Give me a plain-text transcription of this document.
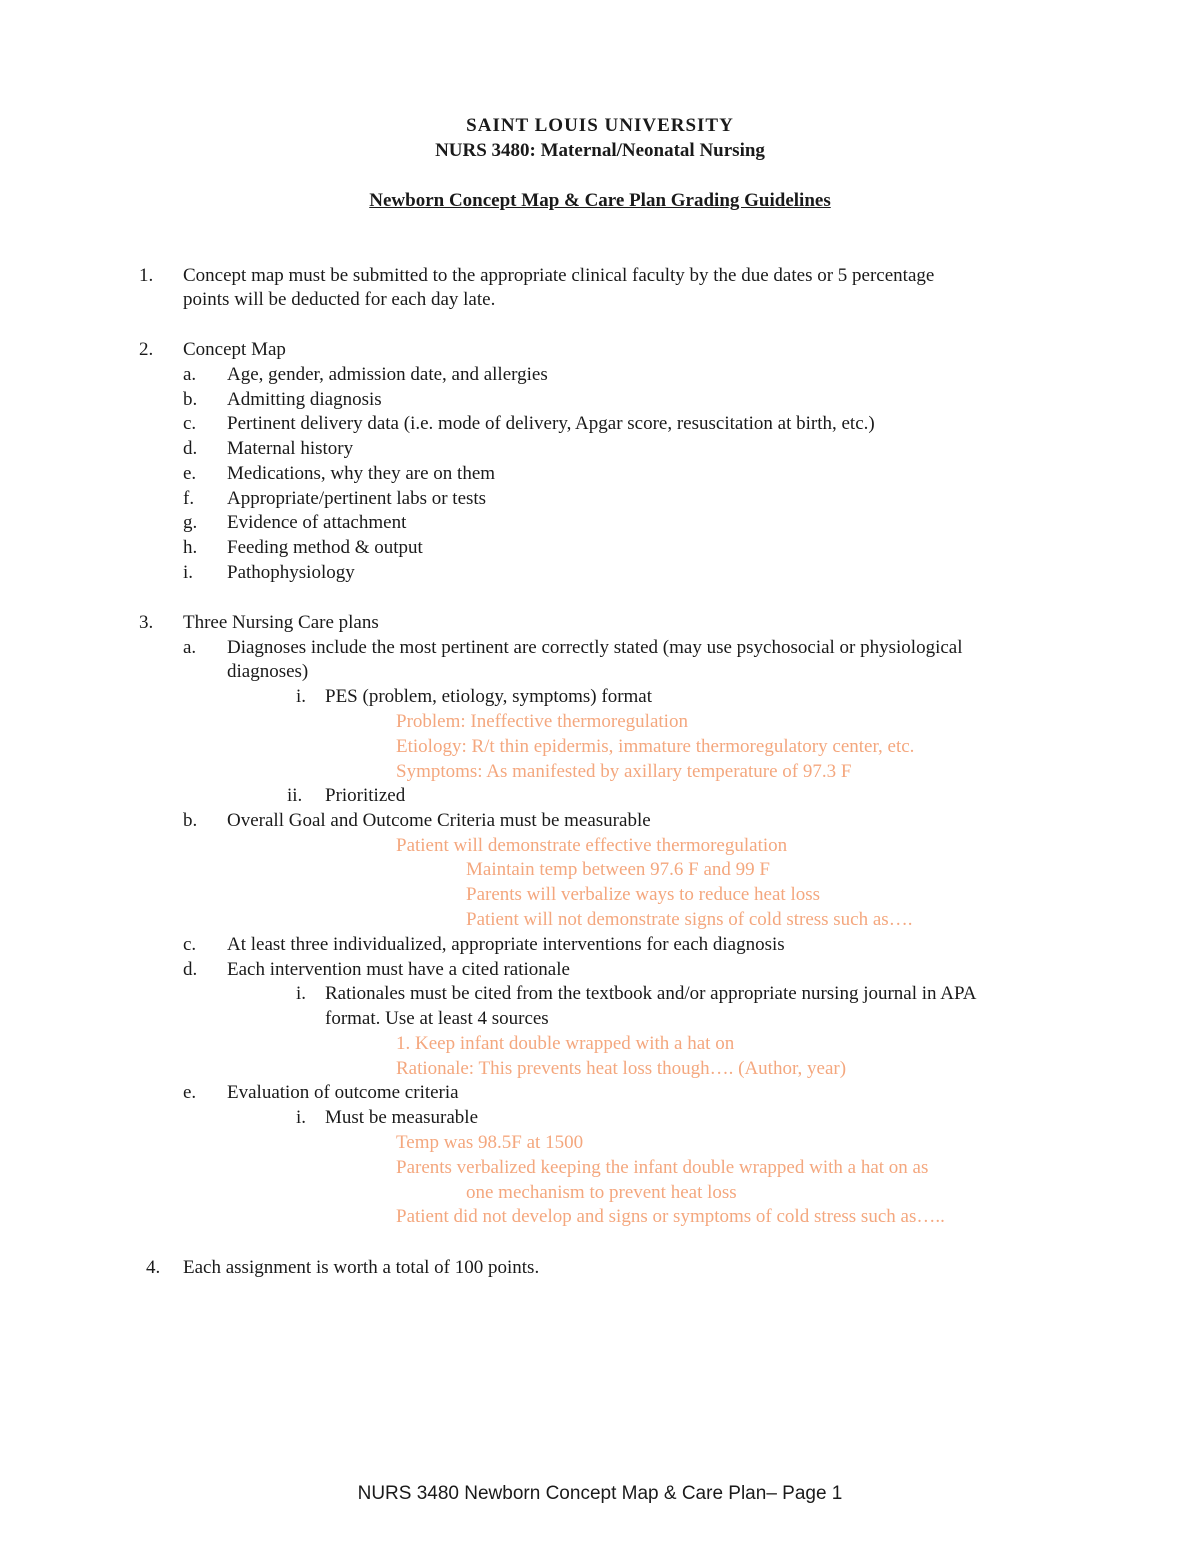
SAINT LOUIS UNIVERSITY
NURS 3480: Maternal/Neonatal Nursing
Newborn Concept Map & Care Plan Grading Guidelines
1. Concept map must be submitted to the appropriate clinical faculty by the due dates or 5 percentage
points will be deducted for each day late.
2. Concept Map
a. Age, gender, admission date, and allergies
b. Admitting diagnosis
c. Pertinent delivery data (i.e. mode of delivery, Apgar score, resuscitation at birth, etc.)
d. Maternal history
e. Medications, why they are on them
f. Appropriate/pertinent labs or tests
g. Evidence of attachment
h. Feeding method & output
i. Pathophysiology
3. Three Nursing Care plans
a. Diagnoses include the most pertinent are correctly stated (may use psychosocial or physiological
diagnoses)
i. PES (problem, etiology, symptoms) format
Problem: Ineffective thermoregulation
Etiology: R/t thin epidermis, immature thermoregulatory center, etc.
Symptoms: As manifested by axillary temperature of 97.3 F
ii. Prioritized
b. Overall Goal and Outcome Criteria must be measurable
Patient will demonstrate effective thermoregulation
Maintain temp between 97.6 F and 99 F
Parents will verbalize ways to reduce heat loss
Patient will not demonstrate signs of cold stress such as….
c. At least three individualized, appropriate interventions for each diagnosis
d. Each intervention must have a cited rationale
i. Rationales must be cited from the textbook and/or appropriate nursing journal in APA
format. Use at least 4 sources
1. Keep infant double wrapped with a hat on
Rationale: This prevents heat loss though…. (Author, year)
e. Evaluation of outcome criteria
i. Must be measurable
Temp was 98.5F at 1500
Parents verbalized keeping the infant double wrapped with a hat on as
one mechanism to prevent heat loss
Patient did not develop and signs or symptoms of cold stress such as…..
4. Each assignment is worth a total of 100 points.
NURS 3480 Newborn Concept Map & Care Plan– Page 1
